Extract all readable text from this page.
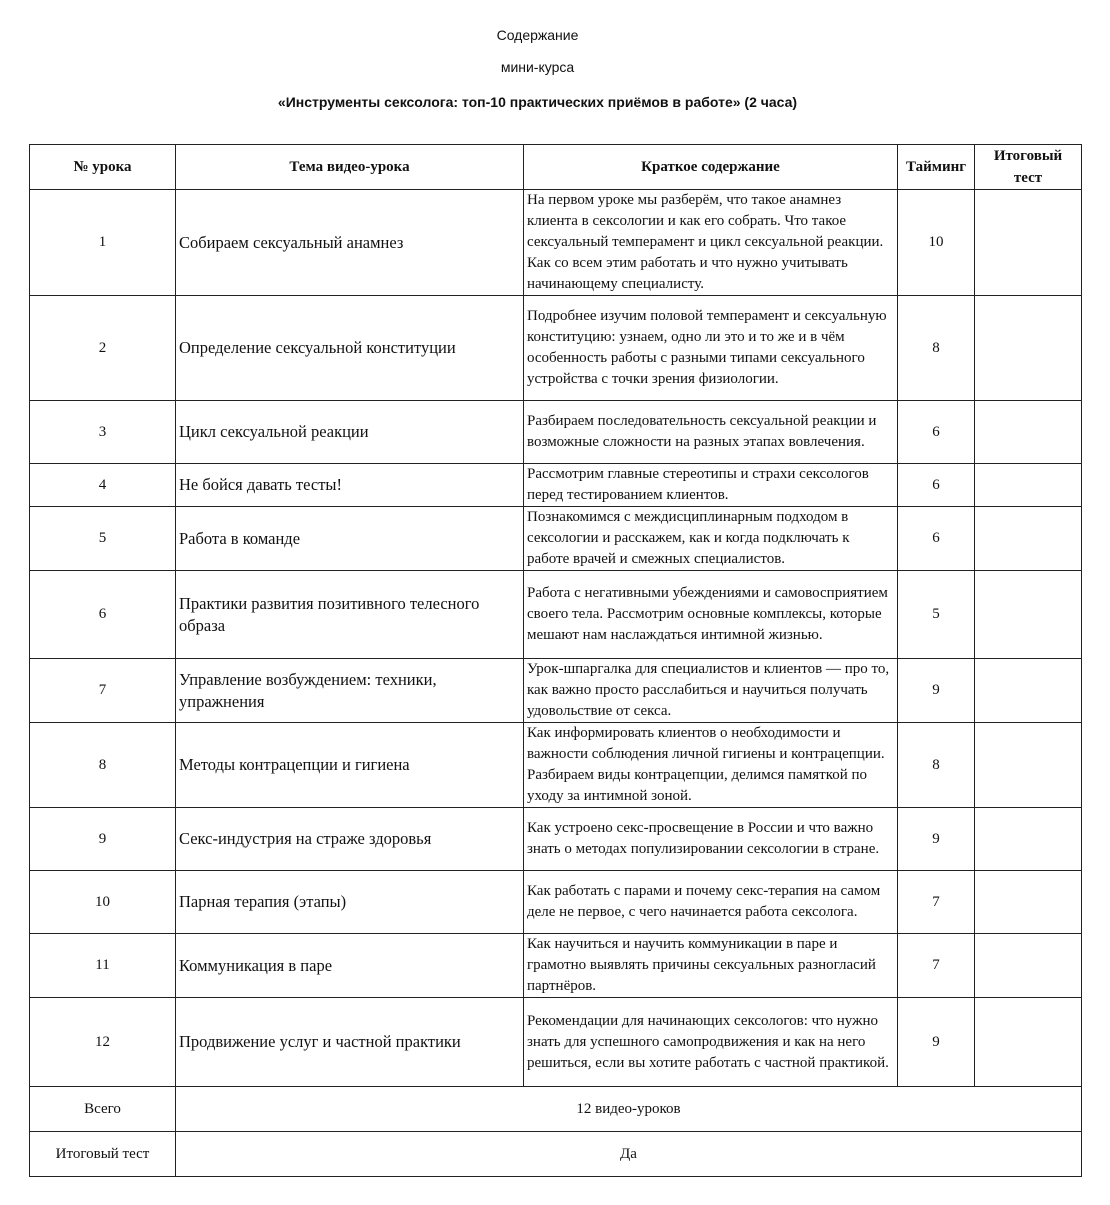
Содержание
мини-курса
«Инструменты сексолога: топ-10 практических приёмов в работе» (2 часа)
№ урока	Тема видео-урока	Краткое содержание	Тайминг	Итоговый тест
1	Собираем сексуальный анамнез	На первом уроке мы разберём, что такое анамнез клиента в сексологии и как его собрать. Что такое сексуальный темперамент и цикл сексуальной реакции. Как со всем этим работать и что нужно учитывать начинающему специалисту.	10	
2	Определение сексуальной конституции	Подробнее изучим половой темперамент и сексуальную конституцию: узнаем, одно ли это и то же и в чём особенность работы с разными типами сексуального устройства с точки зрения физиологии.	8	
3	Цикл сексуальной реакции	Разбираем последовательность сексуальной реакции и возможные сложности на разных этапах вовлечения.	6	
4	Не бойся давать тесты!	Рассмотрим главные стереотипы и страхи сексологов перед тестированием клиентов.	6	
5	Работа в команде	Познакомимся с междисциплинарным подходом в сексологии и расскажем, как и когда подключать к работе врачей и смежных специалистов.	6	
6	Практики развития позитивного телесного образа	Работа с негативными убеждениями и самовосприятием своего тела. Рассмотрим основные комплексы, которые мешают нам наслаждаться интимной жизнью.	5	
7	Управление возбуждением: техники, упражнения	Урок-шпаргалка для специалистов и клиентов — про то, как важно просто расслабиться и научиться получать удовольствие от секса.	9	
8	Методы контрацепции и гигиена	Как информировать клиентов о необходимости и важности соблюдения личной гигиены и контрацепции. Разбираем виды контрацепции, делимся памяткой по уходу за интимной зоной.	8	
9	Секс-индустрия на страже здоровья	Как устроено секс-просвещение в России и что важно знать о методах популизировании сексологии в стране.	9	
10	Парная терапия (этапы)	Как работать с парами и почему секс-терапия на самом деле не первое, с чего начинается работа сексолога.	7	
11	Коммуникация в паре	Как научиться и научить коммуникации в паре и грамотно выявлять причины сексуальных разногласий партнёров.	7	
12	Продвижение услуг и частной практики	Рекомендации для начинающих сексологов: что нужно знать для успешного самопродвижения и как на него решиться, если вы хотите работать с частной практикой.	9	
Всего	12 видео-уроков			
Итоговый тест	Да			
